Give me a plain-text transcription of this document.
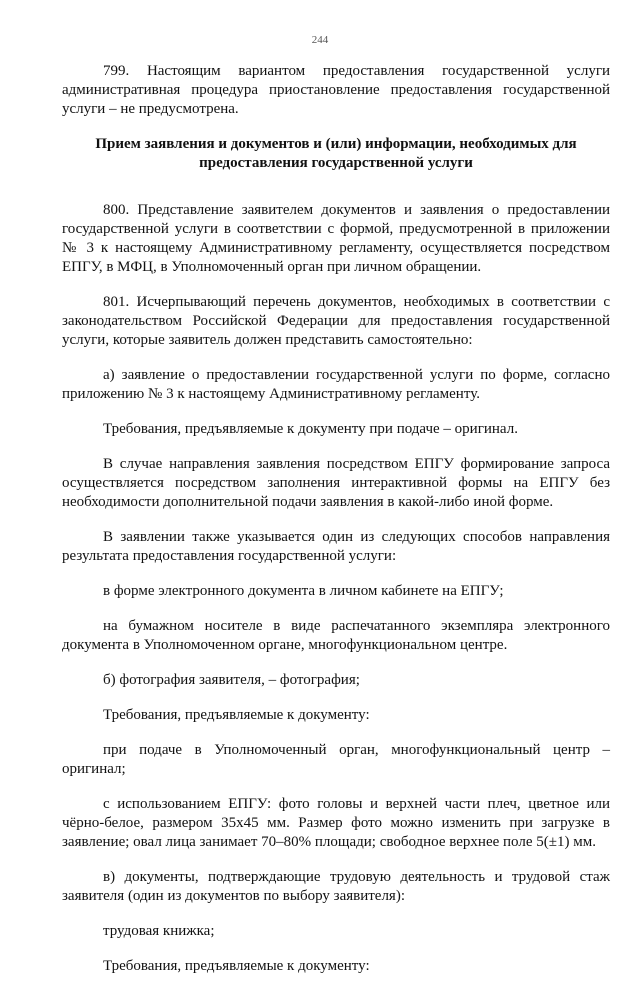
244

799. Настоящим вариантом предоставления государственной услуги административная процедура приостановление предоставления государственной услуги – не предусмотрена.

Прием заявления и документов и (или) информации, необходимых для предоставления государственной услуги

800. Представление заявителем документов и заявления о предоставлении государственной услуги в соответствии с формой, предусмотренной в приложении № 3 к настоящему Административному регламенту, осуществляется посредством ЕПГУ, в МФЦ, в Уполномоченный орган при личном обращении.

801. Исчерпывающий перечень документов, необходимых в соответствии с законодательством Российской Федерации для предоставления государственной услуги, которые заявитель должен представить самостоятельно:

а) заявление о предоставлении государственной услуги по форме, согласно приложению № 3 к настоящему Административному регламенту.

Требования, предъявляемые к документу при подаче – оригинал.

В случае направления заявления посредством ЕПГУ формирование запроса осуществляется посредством заполнения интерактивной формы на ЕПГУ без необходимости дополнительной подачи заявления в какой-либо иной форме.

В заявлении также указывается один из следующих способов направления результата предоставления государственной услуги:

в форме электронного документа в личном кабинете на ЕПГУ;

на бумажном носителе в виде распечатанного экземпляра электронного документа в Уполномоченном органе, многофункциональном центре.

б) фотография заявителя, – фотография;

Требования, предъявляемые к документу:

при подаче в Уполномоченный орган, многофункциональный центр – оригинал;

с использованием ЕПГУ: фото головы и верхней части плеч, цветное или чёрно-белое, размером 35х45 мм. Размер фото можно изменить при загрузке в заявление; овал лица занимает 70–80% площади; свободное верхнее поле 5(±1) мм.

в) документы, подтверждающие трудовую деятельность и трудовой стаж заявителя (один из документов по выбору заявителя):

трудовая книжка;

Требования, предъявляемые к документу:
